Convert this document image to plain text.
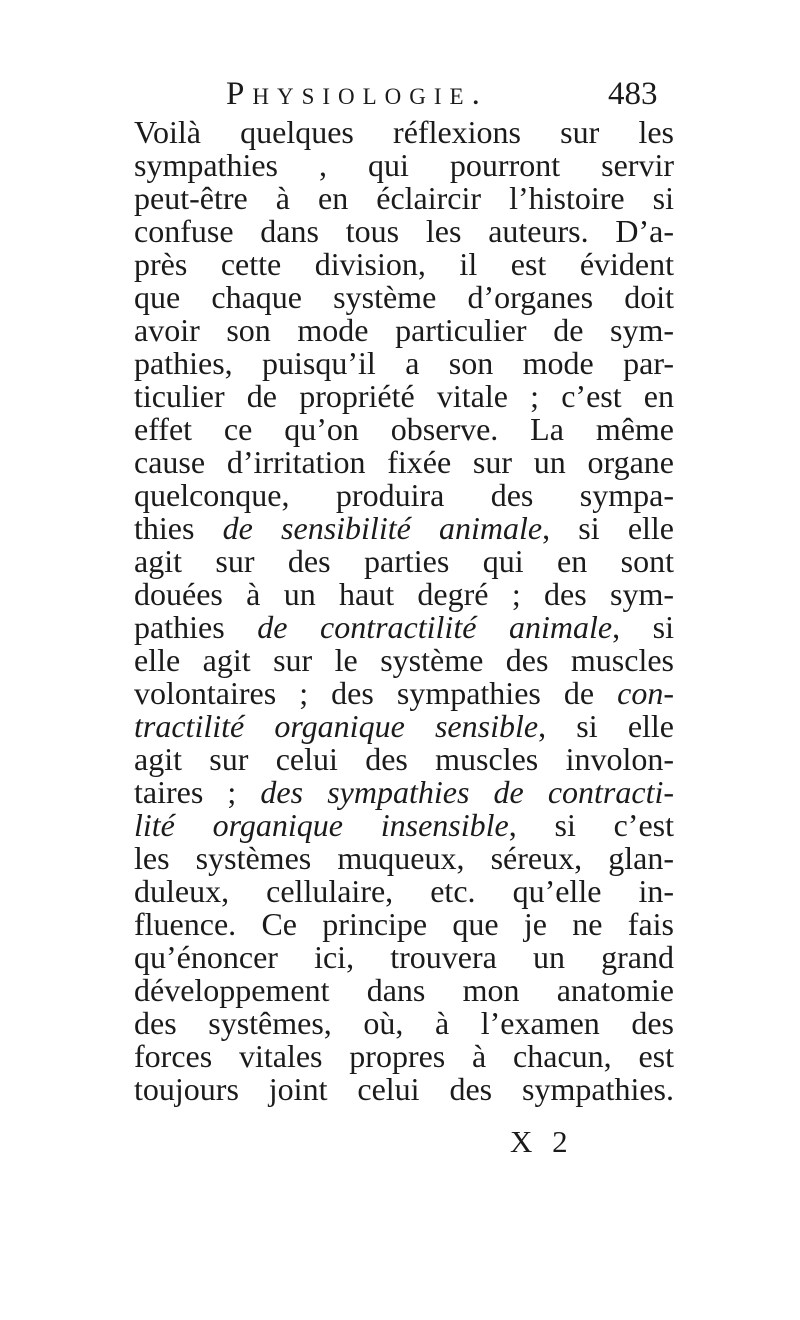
Physiologie.	483
Voilà quelques réflexions sur les
sympathies , qui pourront servir
peut-être à en éclaircir l’histoire si
confuse dans tous les auteurs. D’a-
près cette division, il est évident
que chaque système d’organes doit
avoir son mode particulier de sym-
pathies, puisqu’il a son mode par-
ticulier de propriété vitale ; c’est en
effet ce qu’on observe. La même
cause d’irritation fixée sur un organe
quelconque, produira des sympa-
thies de sensibilité animale, si elle
agit sur des parties qui en sont
douées à un haut degré ; des sym-
pathies de contractilité animale, si
elle agit sur le système des muscles
volontaires ; des sympathies de con-
tractilité organique sensible, si elle
agit sur celui des muscles involon-
taires ; des sympathies de contracti-
lité organique insensible, si c’est
les systèmes muqueux, séreux, glan-
duleux, cellulaire, etc. qu’elle in-
fluence. Ce principe que je ne fais
qu’énoncer ici, trouvera un grand
développement dans mon anatomie
des systêmes, où, à l’examen des
forces vitales propres à chacun, est
toujours joint celui des sympathies.
X 2
